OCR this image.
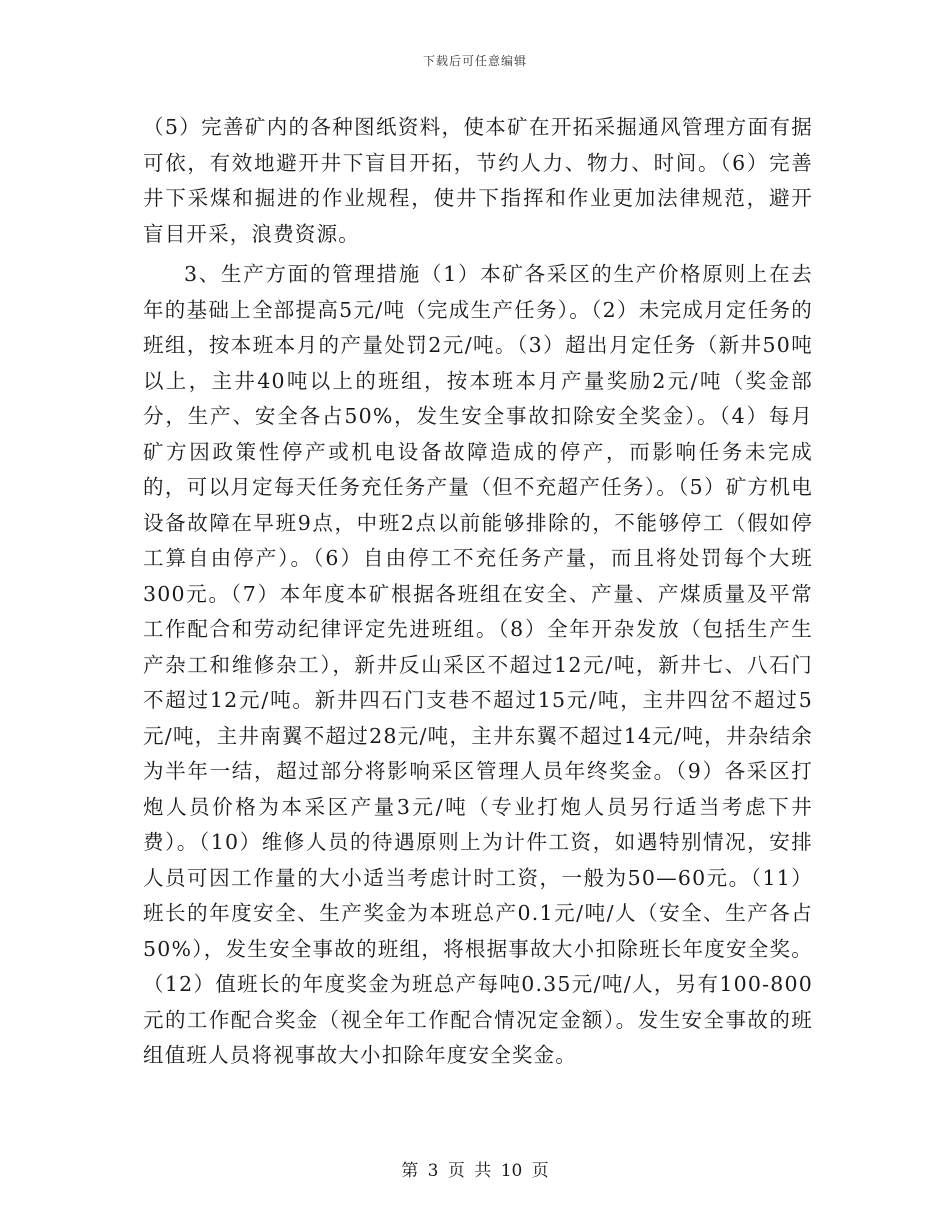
下载后可任意编辑

（5）完善矿内的各种图纸资料，使本矿在开拓采掘通风管理方面有据可依，有效地避开井下盲目开拓，节约人力、物力、时间。（6）完善井下采煤和掘进的作业规程，使井下指挥和作业更加法律规范，避开盲目开采，浪费资源。

3、生产方面的管理措施（1）本矿各采区的生产价格原则上在去年的基础上全部提高5元/吨（完成生产任务）。（2）未完成月定任务的班组，按本班本月的产量处罚2元/吨。（3）超出月定任务（新井50吨以上，主井40吨以上的班组，按本班本月产量奖励2元/吨（奖金部分，生产、安全各占50%，发生安全事故扣除安全奖金）。（4）每月矿方因政策性停产或机电设备故障造成的停产，而影响任务未完成的，可以月定每天任务充任务产量（但不充超产任务）。（5）矿方机电设备故障在早班9点，中班2点以前能够排除的，不能够停工（假如停工算自由停产）。（6）自由停工不充任务产量，而且将处罚每个大班300元。（7）本年度本矿根据各班组在安全、产量、产煤质量及平常工作配合和劳动纪律评定先进班组。（8）全年开杂发放（包括生产生产杂工和维修杂工），新井反山采区不超过12元/吨，新井七、八石门不超过12元/吨。新井四石门支巷不超过15元/吨，主井四岔不超过5元/吨，主井南翼不超过28元/吨，主井东翼不超过14元/吨，井杂结余为半年一结，超过部分将影响采区管理人员年终奖金。（9）各采区打炮人员价格为本采区产量3元/吨（专业打炮人员另行适当考虑下井费）。（10）维修人员的待遇原则上为计件工资，如遇特别情况，安排人员可因工作量的大小适当考虑计时工资，一般为50—60元。（11）班长的年度安全、生产奖金为本班总产0.1元/吨/人（安全、生产各占50%），发生安全事故的班组，将根据事故大小扣除班长年度安全奖。（12）值班长的年度奖金为班总产每吨0.35元/吨/人，另有100-800元的工作配合奖金（视全年工作配合情况定金额）。发生安全事故的班组值班人员将视事故大小扣除年度安全奖金。

第 3 页 共 10 页
